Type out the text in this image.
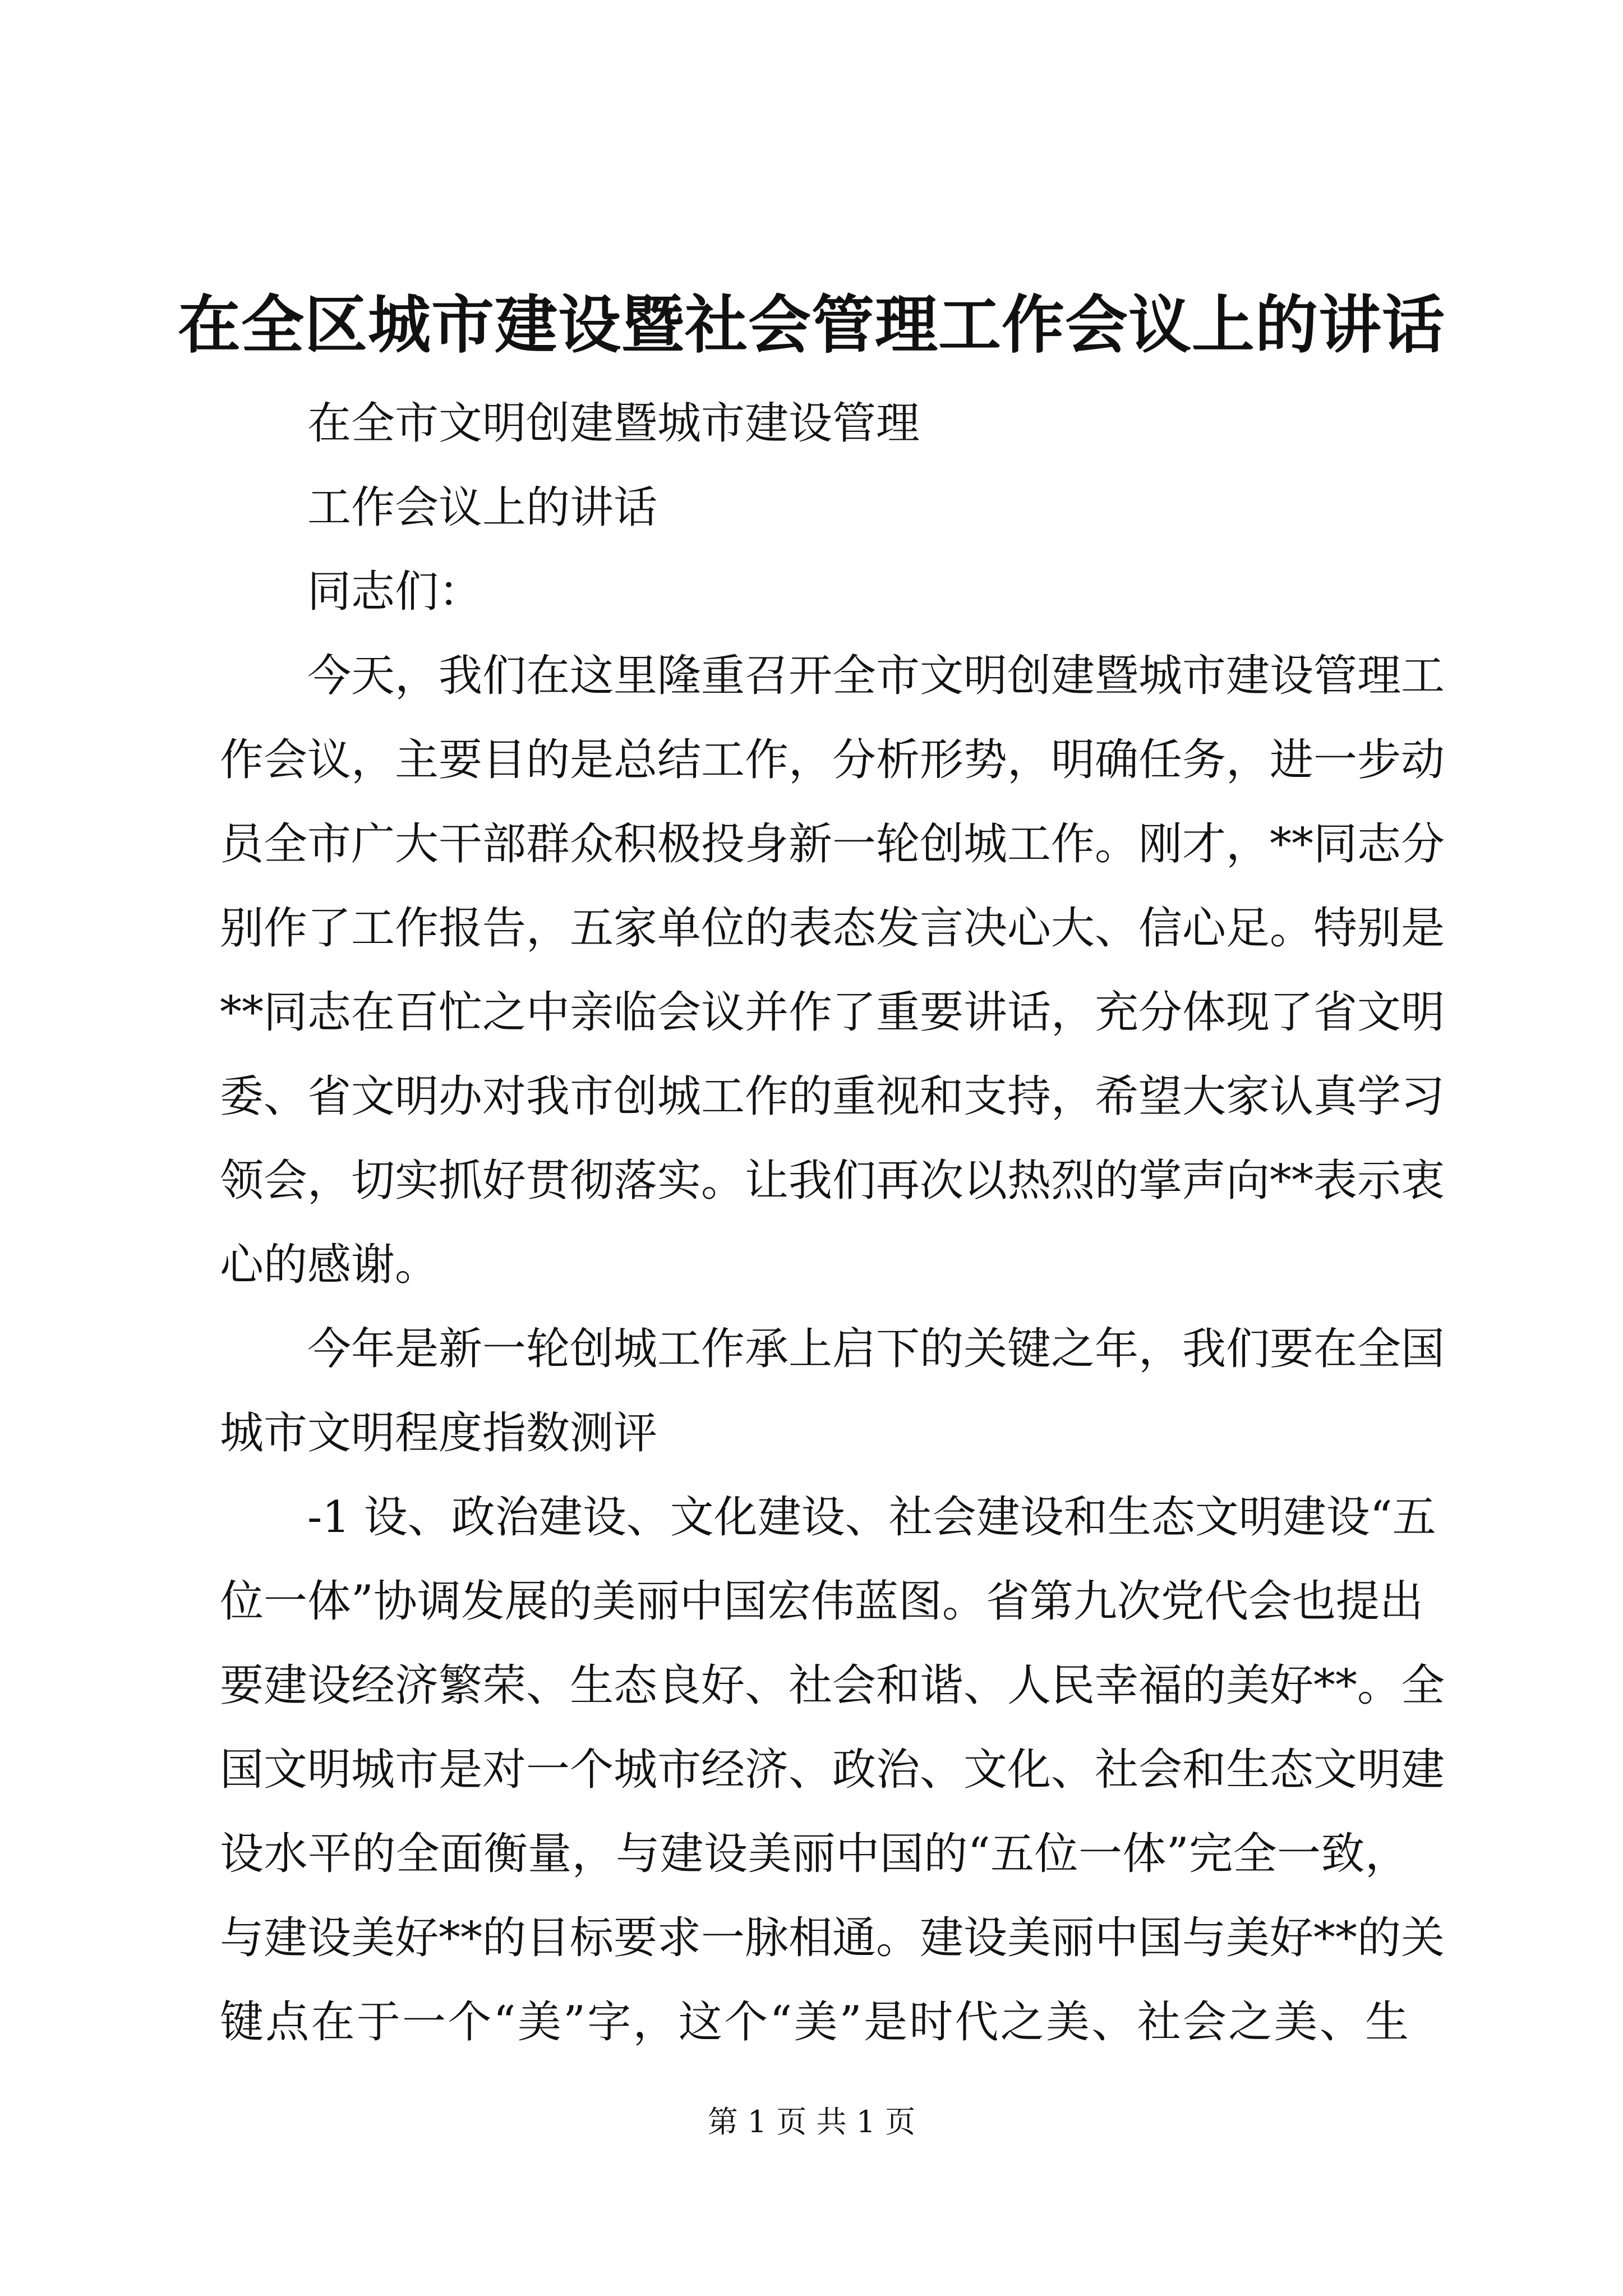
在全区城市建设暨社会管理工作会议上的讲话
在全市文明创建暨城市建设管理
工作会议上的讲话
同志们：
今天，我们在这里隆重召开全市文明创建暨城市建设管理工
作会议，主要目的是总结工作，分析形势，明确任务，进一步动
员全市广大干部群众积极投身新一轮创城工作。刚才，**同志分
别作了工作报告，五家单位的表态发言决心大、信心足。特别是
**同志在百忙之中亲临会议并作了重要讲话，充分体现了省文明
委、省文明办对我市创城工作的重视和支持，希望大家认真学习
领会，切实抓好贯彻落实。让我们再次以热烈的掌声向**表示衷
心的感谢。
今年是新一轮创城工作承上启下的关键之年，我们要在全国
城市文明程度指数测评
-1 设、政治建设、文化建设、社会建设和生态文明建设“五
位一体”协调发展的美丽中国宏伟蓝图。省第九次党代会也提出
要建设经济繁荣、生态良好、社会和谐、人民幸福的美好**。全
国文明城市是对一个城市经济、政治、文化、社会和生态文明建
设水平的全面衡量，与建设美丽中国的“五位一体”完全一致，
与建设美好**的目标要求一脉相通。建设美丽中国与美好**的关
键点在于一个“美”字，这个“美”是时代之美、社会之美、生
第 1 页 共 1 页
